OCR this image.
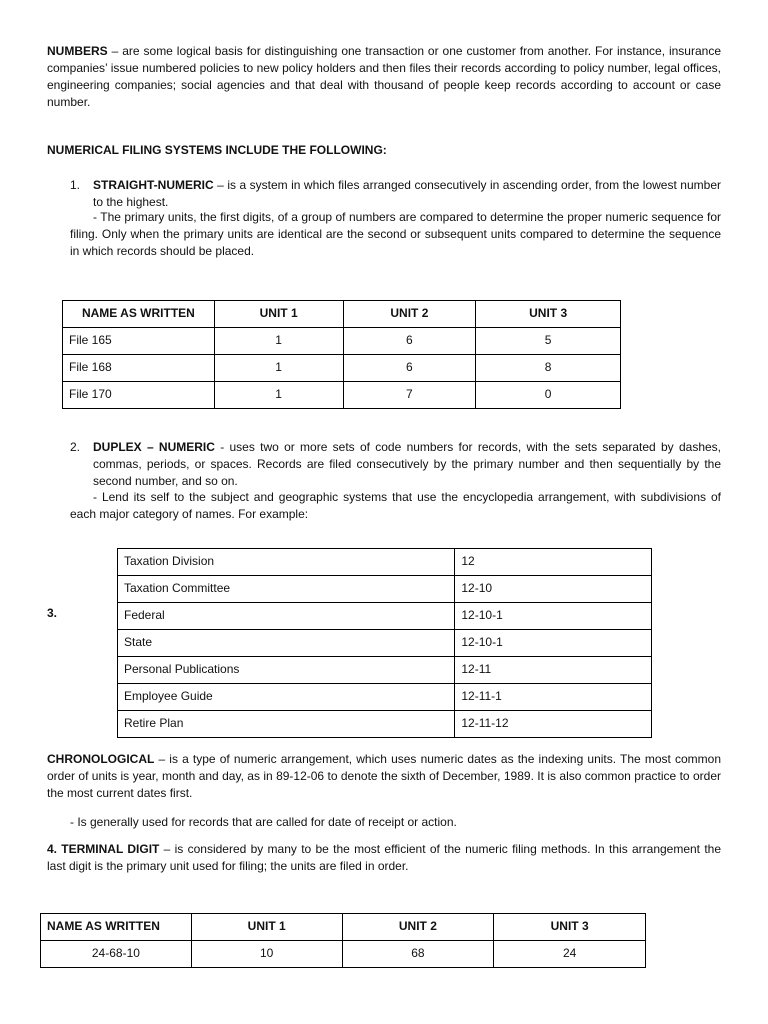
NUMBERS – are some logical basis for distinguishing one transaction or one customer from another. For instance, insurance companies’ issue numbered policies to new policy holders and then files their records according to policy number, legal offices, engineering companies; social agencies and that deal with thousand of people keep records according to account or case number.
NUMERICAL FILING SYSTEMS INCLUDE THE FOLLOWING:
1. STRAIGHT-NUMERIC – is a system in which files arranged consecutively in ascending order, from the lowest number to the highest.
- The primary units, the first digits, of a group of numbers are compared to determine the proper numeric sequence for filing. Only when the primary units are identical are the second or subsequent units compared to determine the sequence in which records should be placed.
NAME AS WRITTEN	UNIT 1	UNIT 2	UNIT 3
File 165	1	6	5
File 168	1	6	8
File 170	1	7	0
2. DUPLEX – NUMERIC - uses two or more sets of code numbers for records, with the sets separated by dashes, commas, periods, or spaces. Records are filed consecutively by the primary number and then sequentially by the second number, and so on.
- Lend its self to the subject and geographic systems that use the encyclopedia arrangement, with subdivisions of each major category of names. For example:
3.
Taxation Division	12
Taxation Committee	12-10
Federal	12-10-1
State	12-10-1
Personal Publications	12-11
Employee Guide	12-11-1
Retire Plan	12-11-12
CHRONOLOGICAL – is a type of numeric arrangement, which uses numeric dates as the indexing units. The most common order of units is year, month and day, as in 89-12-06 to denote the sixth of December, 1989. It is also common practice to order the most current dates first.
- Is generally used for records that are called for date of receipt or action.
4. TERMINAL DIGIT – is considered by many to be the most efficient of the numeric filing methods. In this arrangement the last digit is the primary unit used for filing; the units are filed in order.
NAME AS WRITTEN	UNIT 1	UNIT 2	UNIT 3
24-68-10	10	68	24
